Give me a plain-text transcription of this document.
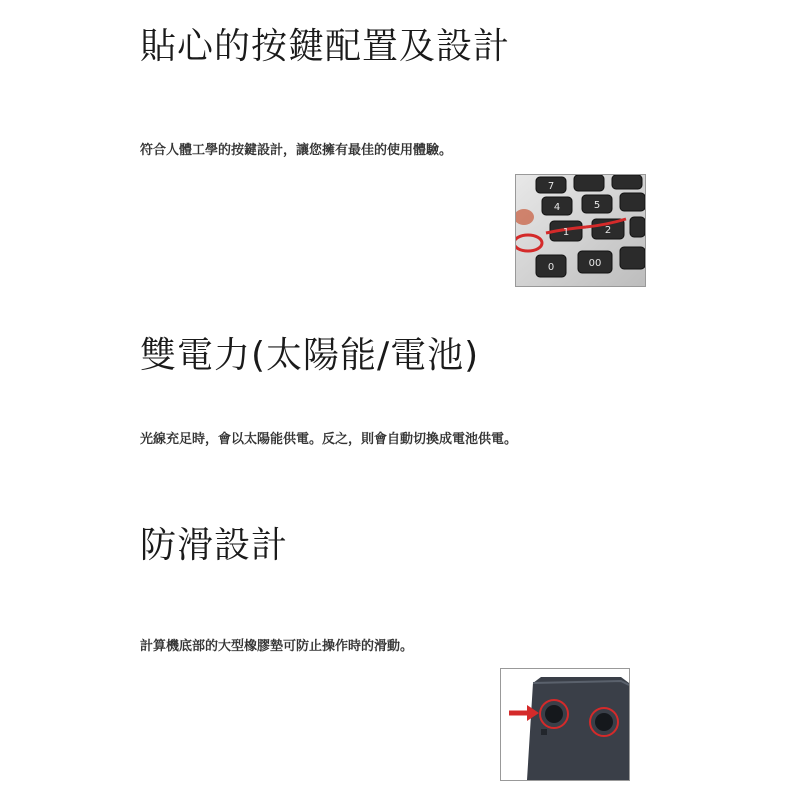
貼心的按鍵配置及設計

符合人體工學的按鍵設計，讓您擁有最佳的使用體驗。

7
4	5
1	2
0	00
雙電力(太陽能/電池)

光線充足時，會以太陽能供電。反之，則會自動切換成電池供電。

防滑設計

計算機底部的大型橡膠墊可防止操作時的滑動。
